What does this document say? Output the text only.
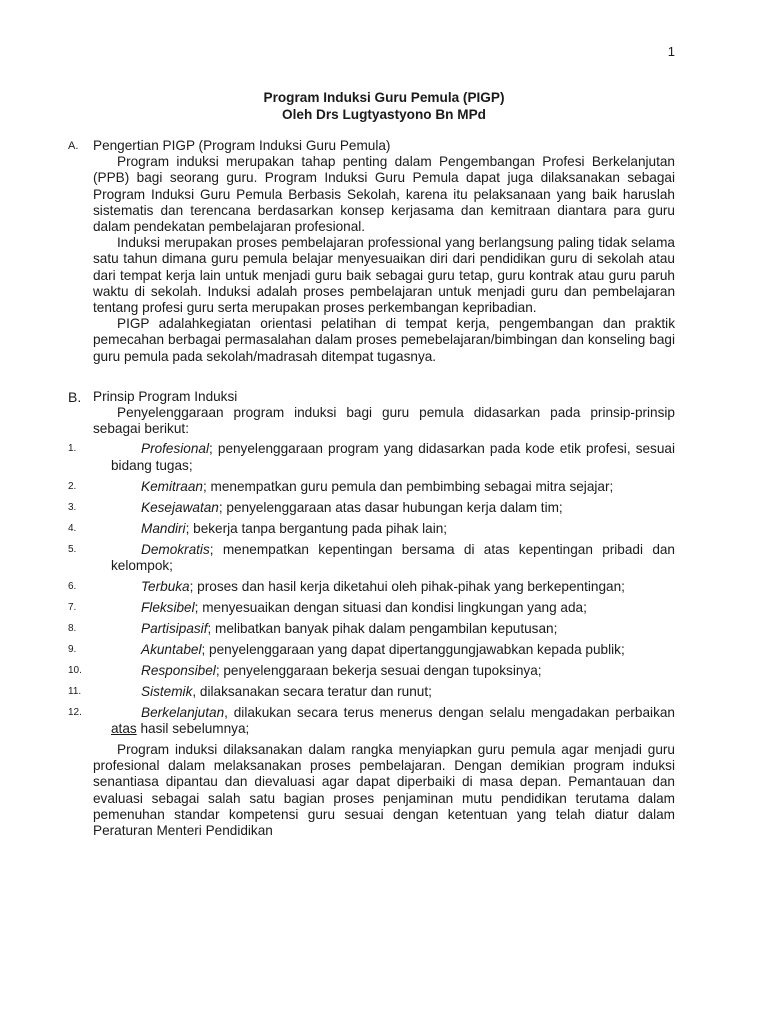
1
Program Induksi Guru Pemula (PIGP)
Oleh Drs Lugtyastyono Bn MPd
A. Pengertian PIGP (Program Induksi Guru Pemula)

Program induksi merupakan tahap penting dalam Pengembangan Profesi Berkelanjutan (PPB) bagi seorang guru. Program Induksi Guru Pemula dapat juga dilaksanakan sebagai Program Induksi Guru Pemula Berbasis Sekolah, karena itu pelaksanaan yang baik haruslah sistematis dan terencana berdasarkan konsep kerjasama dan kemitraan diantara para guru dalam pendekatan pembelajaran profesional.

Induksi merupakan proses pembelajaran professional yang berlangsung paling tidak selama satu tahun dimana guru pemula belajar menyesuaikan diri dari pendidikan guru di sekolah atau dari tempat kerja lain untuk menjadi guru baik sebagai guru tetap, guru kontrak atau guru paruh waktu di sekolah. Induksi adalah proses pembelajaran untuk menjadi guru dan pembelajaran tentang profesi guru serta merupakan proses perkembangan kepribadian.

PIGP adalahkegiatan orientasi pelatihan di tempat kerja, pengembangan dan praktik pemecahan berbagai permasalahan dalam proses pemebelajaran/bimbingan dan konseling bagi guru pemula pada sekolah/madrasah ditempat tugasnya.

B. Prinsip Program Induksi

Penyelenggaraan program induksi bagi guru pemula didasarkan pada prinsip-prinsip sebagai berikut:

1.	Profesional; penyelenggaraan program yang didasarkan pada kode etik profesi, sesuai bidang tugas;
2.	Kemitraan; menempatkan guru pemula dan pembimbing sebagai mitra sejajar;
3.	Kesejawatan; penyelenggaraan atas dasar hubungan kerja dalam tim;
4.	Mandiri; bekerja tanpa bergantung pada pihak lain;
5.	Demokratis; menempatkan kepentingan bersama di atas kepentingan pribadi dan kelompok;
6.	Terbuka; proses dan hasil kerja diketahui oleh pihak-pihak yang berkepentingan;
7.	Fleksibel; menyesuaikan dengan situasi dan kondisi lingkungan yang ada;
8.	Partisipasif; melibatkan banyak pihak dalam pengambilan keputusan;
9.	Akuntabel; penyelenggaraan yang dapat dipertanggungjawabkan kepada publik;
10.	Responsibel; penyelenggaraan bekerja sesuai dengan tupoksinya;
11.	Sistemik, dilaksanakan secara teratur dan runut;
12.	Berkelanjutan, dilakukan secara terus menerus dengan selalu mengadakan perbaikan atas hasil sebelumnya;

Program induksi dilaksanakan dalam rangka menyiapkan guru pemula agar menjadi guru profesional dalam melaksanakan proses pembelajaran. Dengan demikian program induksi senantiasa dipantau dan dievaluasi agar dapat diperbaiki di masa depan. Pemantauan dan evaluasi sebagai salah satu bagian proses penjaminan mutu pendidikan terutama dalam pemenuhan standar kompetensi guru sesuai dengan ketentuan yang telah diatur dalam Peraturan Menteri Pendidikan
